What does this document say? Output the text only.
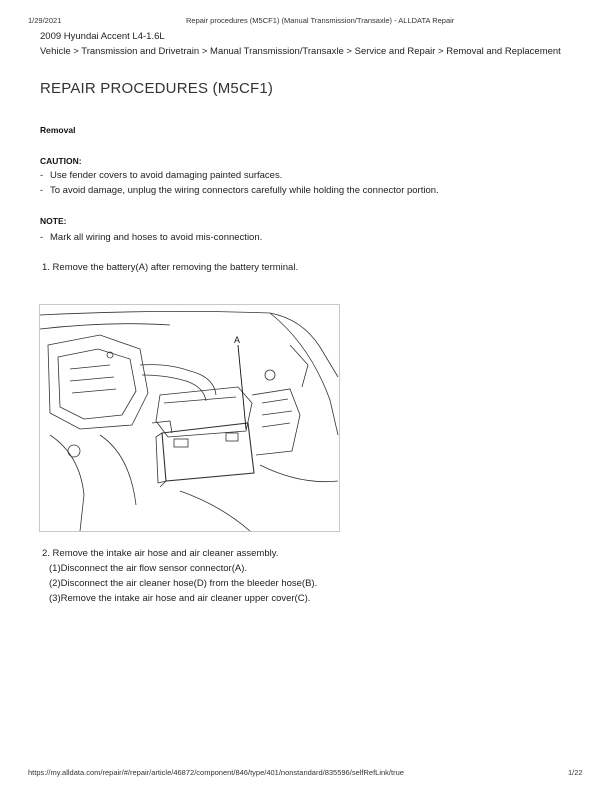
1/29/2021	Repair procedures (M5CF1) (Manual Transmission/Transaxle) - ALLDATA Repair
2009 Hyundai Accent L4-1.6L
Vehicle > Transmission and Drivetrain > Manual Transmission/Transaxle > Service and Repair > Removal and Replacement
REPAIR PROCEDURES (M5CF1)
Removal
CAUTION:
- Use fender covers to avoid damaging painted surfaces.
- To avoid damage, unplug the wiring connectors carefully while holding the connector portion.
NOTE:
- Mark all wiring and hoses to avoid mis-connection.
1. Remove the battery(A) after removing the battery terminal.
A
2. Remove the intake air hose and air cleaner assembly.
(1)Disconnect the air flow sensor connector(A).
(2)Disconnect the air cleaner hose(D) from the bleeder hose(B).
(3)Remove the intake air hose and air cleaner upper cover(C).
https://my.alldata.com/repair/#/repair/article/46872/component/846/type/401/nonstandard/835596/selfRefLink/true	1/22
